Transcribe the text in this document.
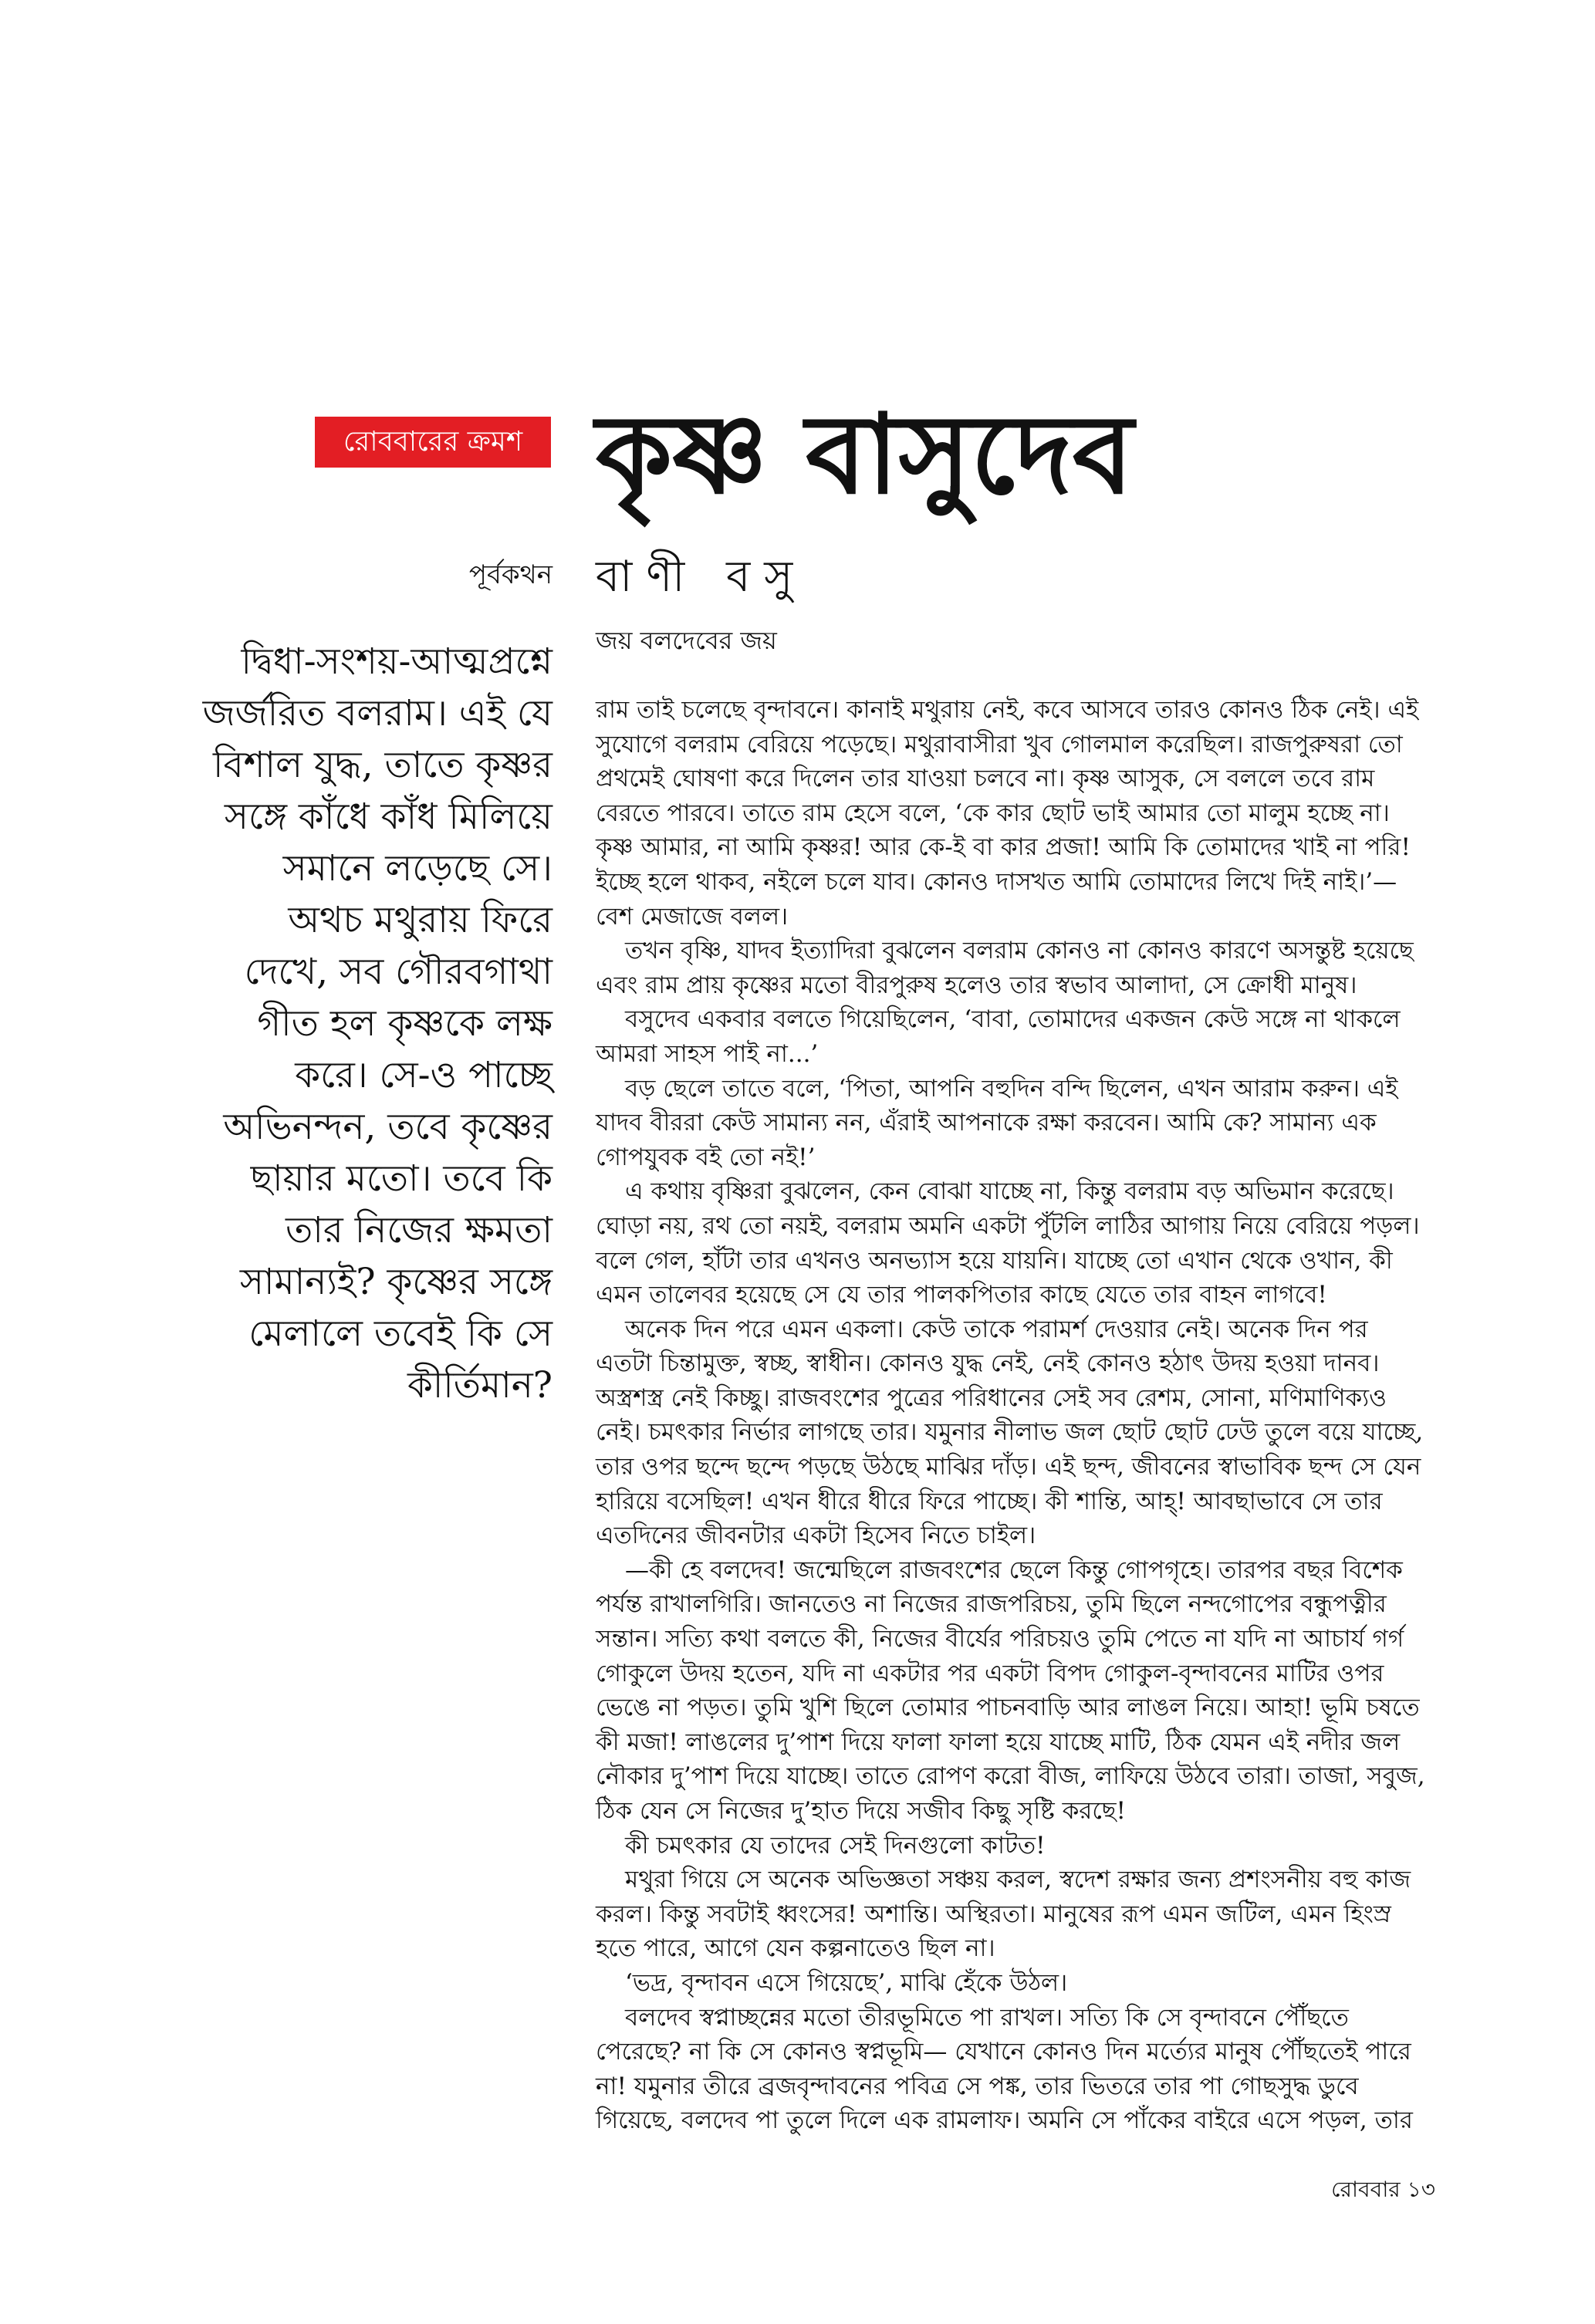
রোববারের ক্রমশ কৃষ্ণ বাসুদেব
পূর্বকথন বাণী বসু
জয় বলদেবের জয়
দ্বিধা-সংশয়-আত্মপ্রশ্নে
জর্জরিত বলরাম। এই যে
বিশাল যুদ্ধ, তাতে কৃষ্ণর
সঙ্গে কাঁধে কাঁধ মিলিয়ে
সমানে লড়েছে সে।
অথচ মথুরায় ফিরে
দেখে, সব গৌরবগাথা
গীত হল কৃষ্ণকে লক্ষ
করে। সে-ও পাচ্ছে
অভিনন্দন, তবে কৃষ্ণের
ছায়ার মতো। তবে কি
তার নিজের ক্ষমতা
সামান্যই? কৃষ্ণের সঙ্গে
মেলালে তবেই কি সে
কীর্তিমান?

রাম তাই চলেছে বৃন্দাবনে। কানাই মথুরায় নেই, কবে আসবে তারও কোনও ঠিক নেই। এই সুযোগে বলরাম বেরিয়ে পড়েছে। মথুরাবাসীরা খুব গোলমাল করেছিল। রাজপুরুষরা তো প্রথমেই ঘোষণা করে দিলেন তার যাওয়া চলবে না। কৃষ্ণ আসুক, সে বললে তবে রাম বেরতে পারবে। তাতে রাম হেসে বলে, ‘কে কার ছোট ভাই আমার তো মালুম হচ্ছে না। কৃষ্ণ আমার, না আমি কৃষ্ণর! আর কে-ই বা কার প্রজা! আমি কি তোমাদের খাই না পরি! ইচ্ছে হলে থাকব, নইলে চলে যাব। কোনও দাসখত আমি তোমাদের লিখে দিই নাই।’— বেশ মেজাজে বলল।

তখন বৃষ্ণি, যাদব ইত্যাদিরা বুঝলেন বলরাম কোনও না কোনও কারণে অসন্তুষ্ট হয়েছে এবং রাম প্রায় কৃষ্ণের মতো বীরপুরুষ হলেও তার স্বভাব আলাদা, সে ক্রোধী মানুষ।

বসুদেব একবার বলতে গিয়েছিলেন, ‘বাবা, তোমাদের একজন কেউ সঙ্গে না থাকলে আমরা সাহস পাই না...’

বড় ছেলে তাতে বলে, ‘পিতা, আপনি বহুদিন বন্দি ছিলেন, এখন আরাম করুন। এই যাদব বীররা কেউ সামান্য নন, এঁরাই আপনাকে রক্ষা করবেন। আমি কে? সামান্য এক গোপযুবক বই তো নই!’

এ কথায় বৃষ্ণিরা বুঝলেন, কেন বোঝা যাচ্ছে না, কিন্তু বলরাম বড় অভিমান করেছে। ঘোড়া নয়, রথ তো নয়ই, বলরাম অমনি একটা পুঁটলি লাঠির আগায় নিয়ে বেরিয়ে পড়ল। বলে গেল, হাঁটা তার এখনও অনভ্যাস হয়ে যায়নি। যাচ্ছে তো এখান থেকে ওখান, কী এমন তালেবর হয়েছে সে যে তার পালকপিতার কাছে যেতে তার বাহন লাগবে!

অনেক দিন পরে এমন একলা। কেউ তাকে পরামর্শ দেওয়ার নেই। অনেক দিন পর এতটা চিন্তামুক্ত, স্বচ্ছ, স্বাধীন। কোনও যুদ্ধ নেই, নেই কোনও হঠাৎ উদয় হওয়া দানব। অস্ত্রশস্ত্র নেই কিচ্ছু। রাজবংশের পুত্রের পরিধানের সেই সব রেশম, সোনা, মণিমাণিক্যও নেই। চমৎকার নির্ভার লাগছে তার। যমুনার নীলাভ জল ছোট ছোট ঢেউ তুলে বয়ে যাচ্ছে, তার ওপর ছন্দে ছন্দে পড়ছে উঠছে মাঝির দাঁড়। এই ছন্দ, জীবনের স্বাভাবিক ছন্দ সে যেন হারিয়ে বসেছিল! এখন ধীরে ধীরে ফিরে পাচ্ছে। কী শান্তি, আহ্! আবছাভাবে সে তার এতদিনের জীবনটার একটা হিসেব নিতে চাইল।

—কী হে বলদেব! জন্মেছিলে রাজবংশের ছেলে কিন্তু গোপগৃহে। তারপর বছর বিশেক পর্যন্ত রাখালগিরি। জানতেও না নিজের রাজপরিচয়, তুমি ছিলে নন্দগোপের বন্ধুপত্নীর সন্তান। সত্যি কথা বলতে কী, নিজের বীর্যের পরিচয়ও তুমি পেতে না যদি না আচার্য গর্গ গোকুলে উদয় হতেন, যদি না একটার পর একটা বিপদ গোকুল-বৃন্দাবনের মাটির ওপর ভেঙে না পড়ত। তুমি খুশি ছিলে তোমার পাচনবাড়ি আর লাঙল নিয়ে। আহা! ভূমি চষতে কী মজা! লাঙলের দু’পাশ দিয়ে ফালা ফালা হয়ে যাচ্ছে মাটি, ঠিক যেমন এই নদীর জল নৌকার দু’পাশ দিয়ে যাচ্ছে। তাতে রোপণ করো বীজ, লাফিয়ে উঠবে তারা। তাজা, সবুজ, ঠিক যেন সে নিজের দু’হাত দিয়ে সজীব কিছু সৃষ্টি করছে!

কী চমৎকার যে তাদের সেই দিনগুলো কাটত!

মথুরা গিয়ে সে অনেক অভিজ্ঞতা সঞ্চয় করল, স্বদেশ রক্ষার জন্য প্রশংসনীয় বহু কাজ করল। কিন্তু সবটাই ধ্বংসের! অশান্তি। অস্থিরতা। মানুষের রূপ এমন জটিল, এমন হিংস্র হতে পারে, আগে যেন কল্পনাতেও ছিল না।

‘ভদ্র, বৃন্দাবন এসে গিয়েছে’, মাঝি হেঁকে উঠল।

বলদেব স্বপ্নাচ্ছন্নের মতো তীরভূমিতে পা রাখল। সত্যি কি সে বৃন্দাবনে পৌঁছতে পেরেছে? না কি সে কোনও স্বপ্নভূমি— যেখানে কোনও দিন মর্ত্যের মানুষ পৌঁছতেই পারে না! যমুনার তীরে ব্রজবৃন্দাবনের পবিত্র সে পঙ্ক, তার ভিতরে তার পা গোছসুদ্ধ ডুবে গিয়েছে, বলদেব পা তুলে দিলে এক রামলাফ। অমনি সে পাঁকের বাইরে এসে পড়ল, তার

রোববার ১৩
